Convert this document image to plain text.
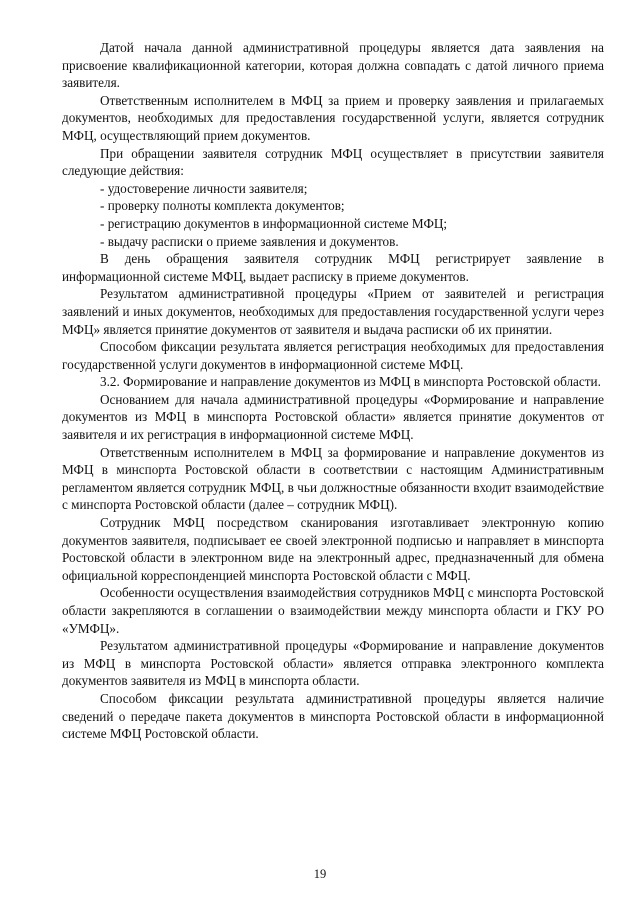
Датой начала данной административной процедуры является дата заявления на присвоение квалификационной категории, которая должна совпадать с датой личного приема заявителя.

Ответственным исполнителем в МФЦ за прием и проверку заявления и прилагаемых документов, необходимых для предоставления государственной услуги, является сотрудник МФЦ, осуществляющий прием документов.

При обращении заявителя сотрудник МФЦ осуществляет в присутствии заявителя следующие действия:

- удостоверение личности заявителя;

- проверку полноты комплекта документов;

- регистрацию документов в информационной системе МФЦ;

- выдачу расписки о приеме заявления и документов.

В день обращения заявителя сотрудник МФЦ регистрирует заявление в информационной системе МФЦ, выдает расписку в приеме документов.

Результатом административной процедуры «Прием от заявителей и регистрация заявлений и иных документов, необходимых для предоставления государственной услуги через МФЦ» является принятие документов от заявителя и выдача расписки об их принятии.

Способом фиксации результата является регистрация необходимых для предоставления государственной услуги документов в информационной системе МФЦ.

3.2. Формирование и направление документов из МФЦ в минспорта Ростовской области.

Основанием для начала административной процедуры «Формирование и направление документов из МФЦ в минспорта Ростовской области» является принятие документов от заявителя и их регистрация в информационной системе МФЦ.

Ответственным исполнителем в МФЦ за формирование и направление документов из МФЦ в минспорта Ростовской области в соответствии с настоящим Административным регламентом является сотрудник МФЦ, в чьи должностные обязанности входит взаимодействие с минспорта Ростовской области (далее – сотрудник МФЦ).

Сотрудник МФЦ посредством сканирования изготавливает электронную копию документов заявителя, подписывает ее своей электронной подписью и направляет в минспорта Ростовской области в электронном виде на электронный адрес, предназначенный для обмена официальной корреспонденцией минспорта Ростовской области с МФЦ.

Особенности осуществления взаимодействия сотрудников МФЦ с минспорта Ростовской области закрепляются в соглашении о взаимодействии между минспорта области и ГКУ РО «УМФЦ».

Результатом административной процедуры «Формирование и направление документов из МФЦ в минспорта Ростовской области» является отправка электронного комплекта документов заявителя из МФЦ в минспорта области.

Способом фиксации результата административной процедуры является наличие сведений о передаче пакета документов в минспорта Ростовской области в информационной системе МФЦ Ростовской области.

19
